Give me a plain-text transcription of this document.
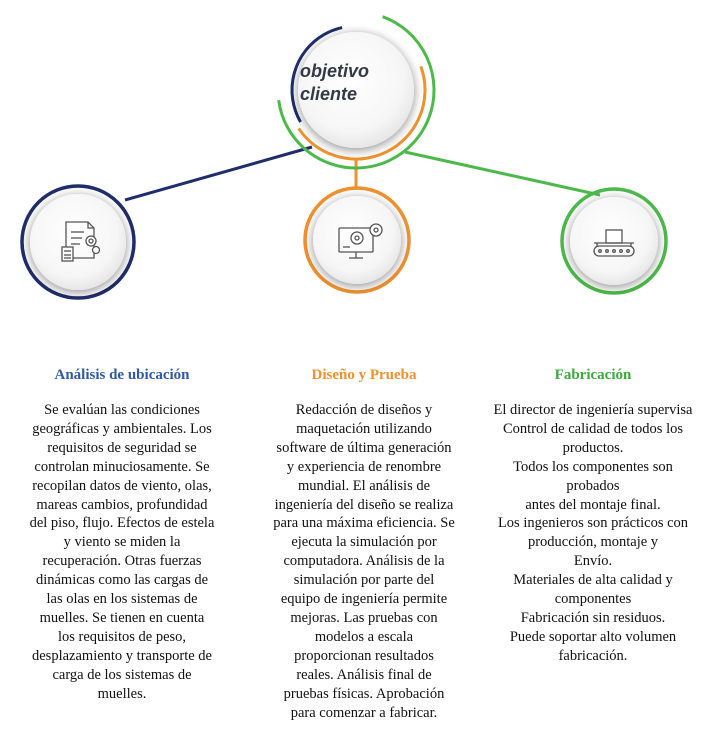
objetivo
cliente
Análisis de ubicación

Se evalúan las condiciones
geográficas y ambientales. Los
requisitos de seguridad se
controlan minuciosamente. Se
recopilan datos de viento, olas,
mareas cambios, profundidad
del piso, flujo. Efectos de estela
y viento se miden la
recuperación. Otras fuerzas
dinámicas como las cargas de
las olas en los sistemas de
muelles. Se tienen en cuenta
los requisitos de peso,
desplazamiento y transporte de
carga de los sistemas de
muelles.

Diseño y Prueba

Redacción de diseños y
maquetación utilizando
software de última generación
y experiencia de renombre
mundial. El análisis de
ingeniería del diseño se realiza
para una máxima eficiencia. Se
ejecuta la simulación por
computadora. Análisis de la
simulación por parte del
equipo de ingeniería permite
mejoras. Las pruebas con
modelos a escala
proporcionan resultados
reales. Análisis final de
pruebas físicas. Aprobación
para comenzar a fabricar.

Fabricación

El director de ingeniería supervisa
Control de calidad de todos los
productos.
Todos los componentes son
probados
antes del montaje final.
Los ingenieros son prácticos con
producción, montaje y
Envío.
Materiales de alta calidad y
componentes
Fabricación sin residuos.
Puede soportar alto volumen
fabricación.
